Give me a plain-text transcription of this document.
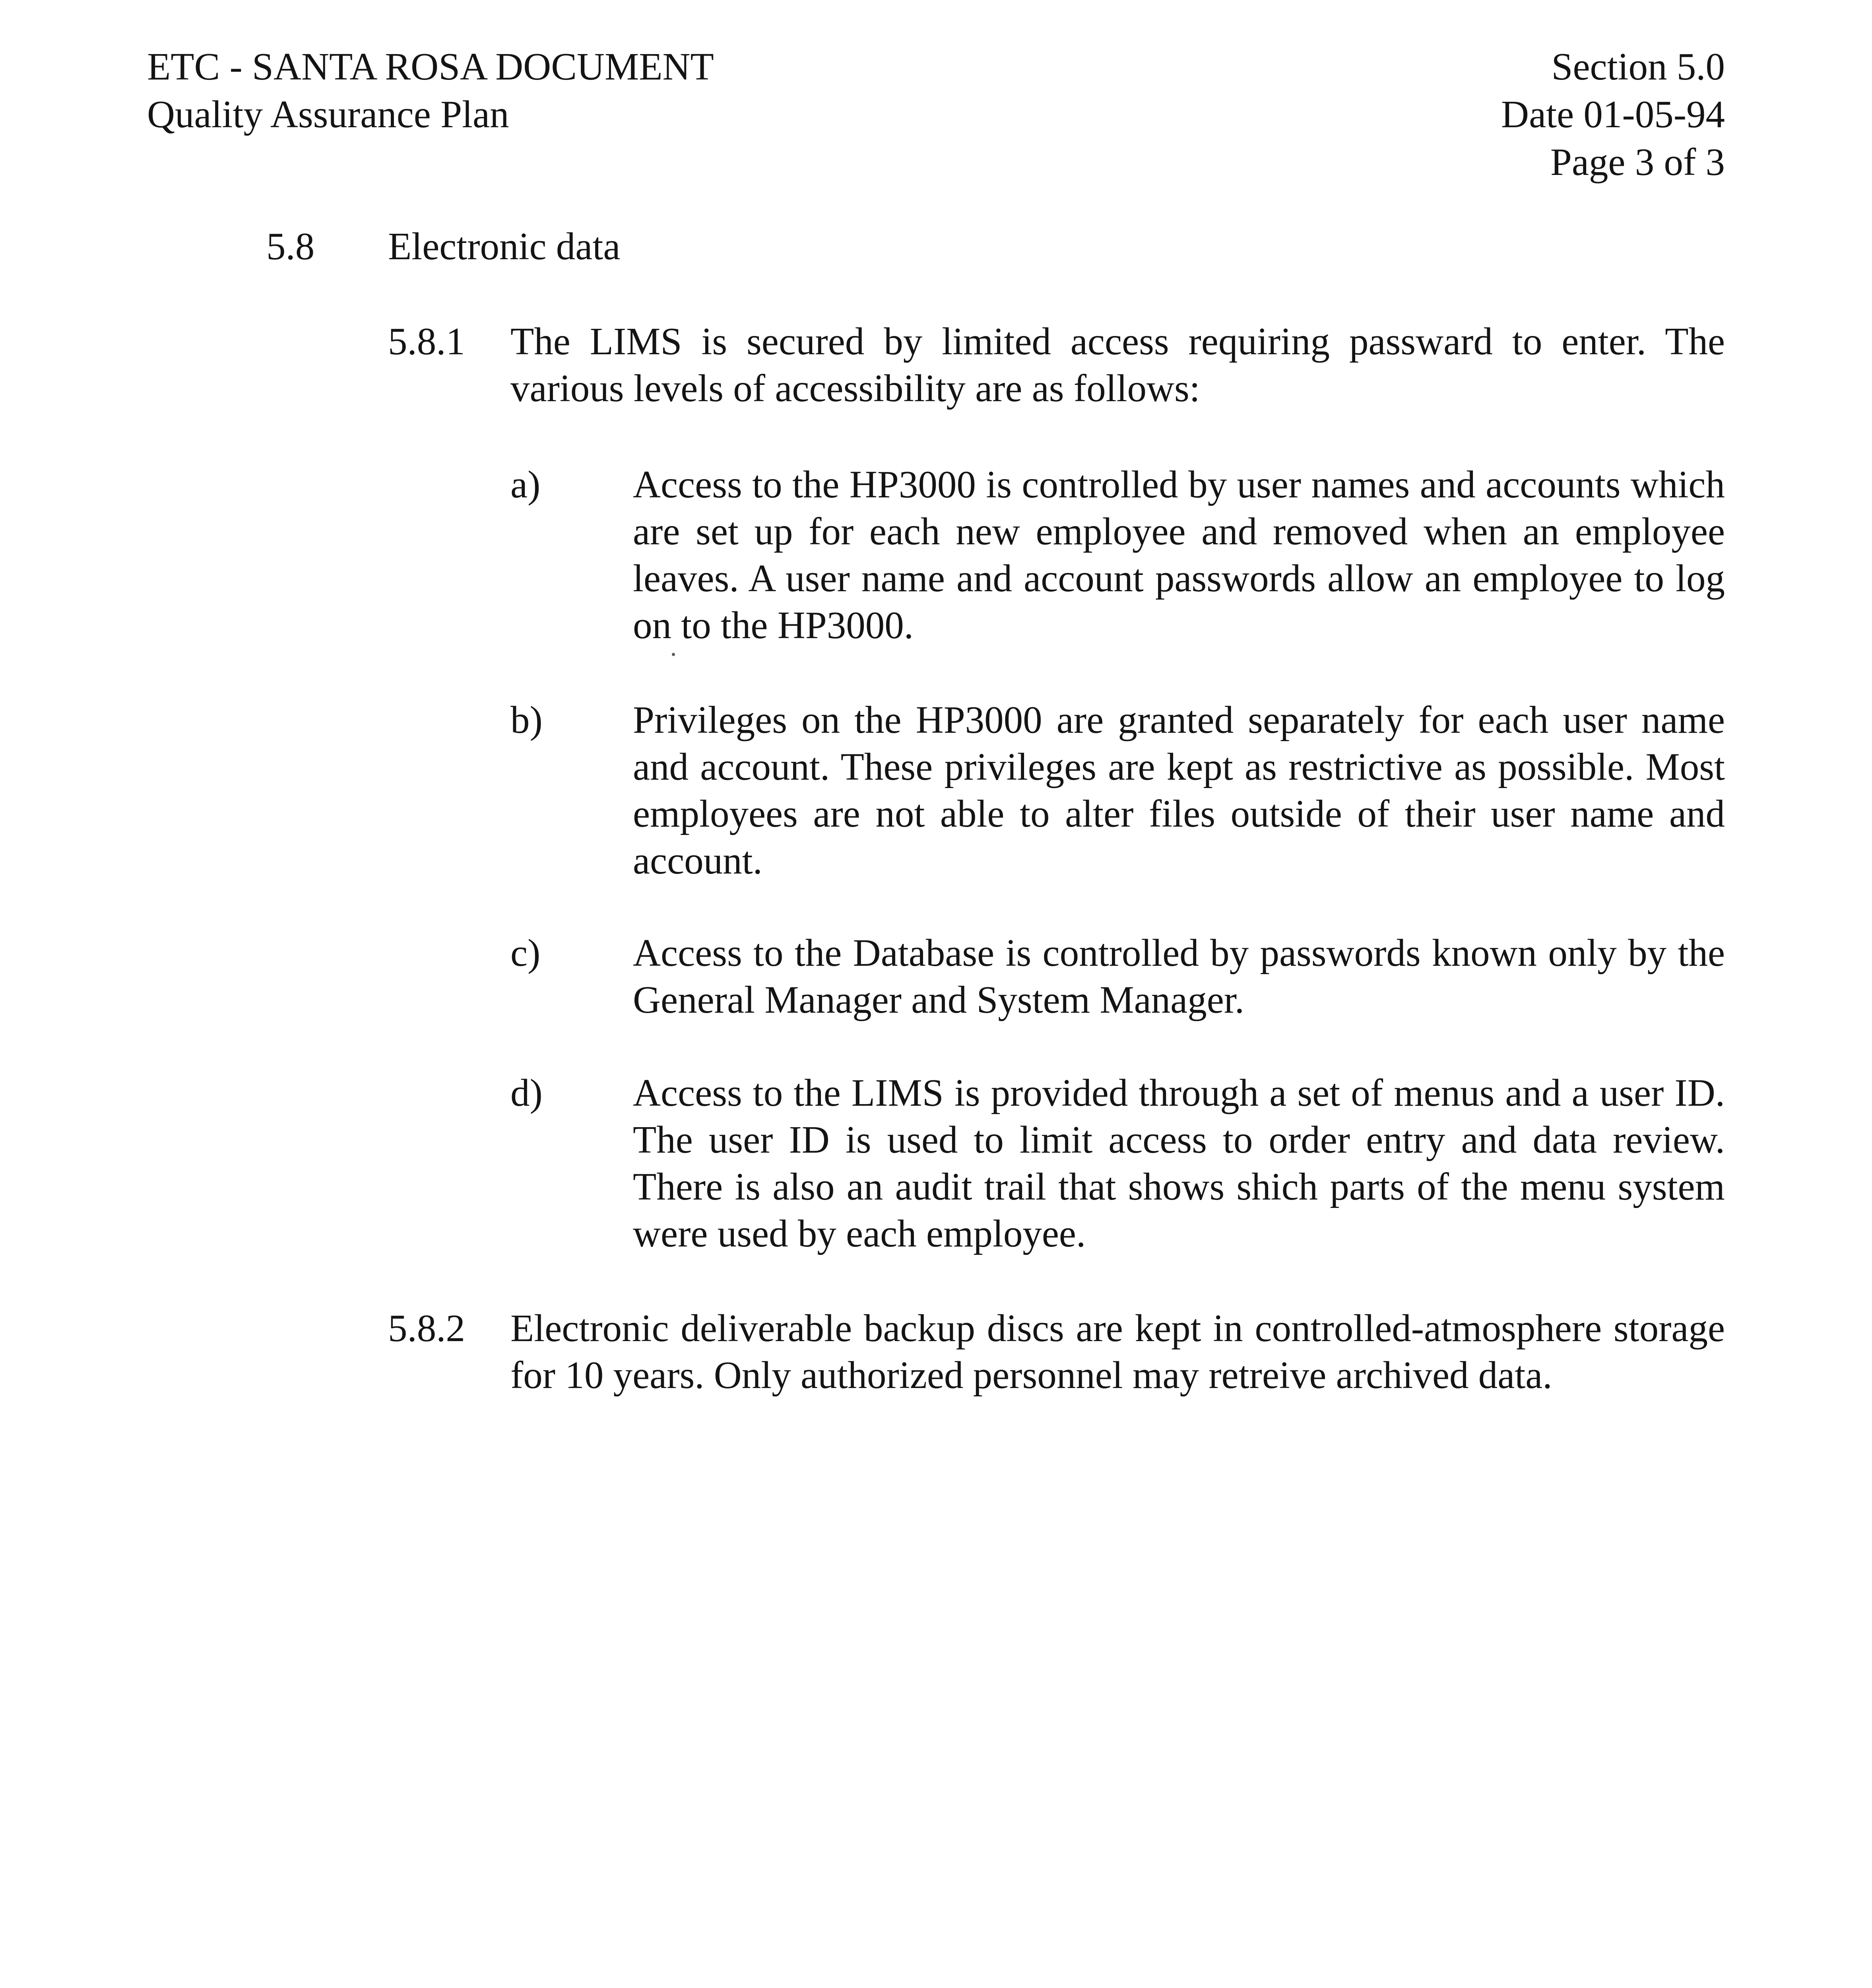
ETC - SANTA ROSA DOCUMENT
Quality Assurance Plan
Section 5.0
Date 01-05-94
Page 3 of 3
5.8 Electronic data
5.8.1 The LIMS is secured by limited access requiring passward to enter. The various levels of accessibility are as follows:
a) Access to the HP3000 is controlled by user names and accounts which are set up for each new employee and removed when an employee leaves. A user name and account passwords allow an employee to log on to the HP3000.
b) Privileges on the HP3000 are granted separately for each user name and account. These privileges are kept as restrictive as possible. Most employees are not able to alter files outside of their user name and account.
c) Access to the Database is controlled by passwords known only by the General Manager and System Manager.
d) Access to the LIMS is provided through a set of menus and a user ID. The user ID is used to limit access to order entry and data review. There is also an audit trail that shows shich parts of the menu system were used by each employee.
5.8.2 Electronic deliverable backup discs are kept in controlled-atmosphere storage for 10 years. Only authorized personnel may retreive archived data.
